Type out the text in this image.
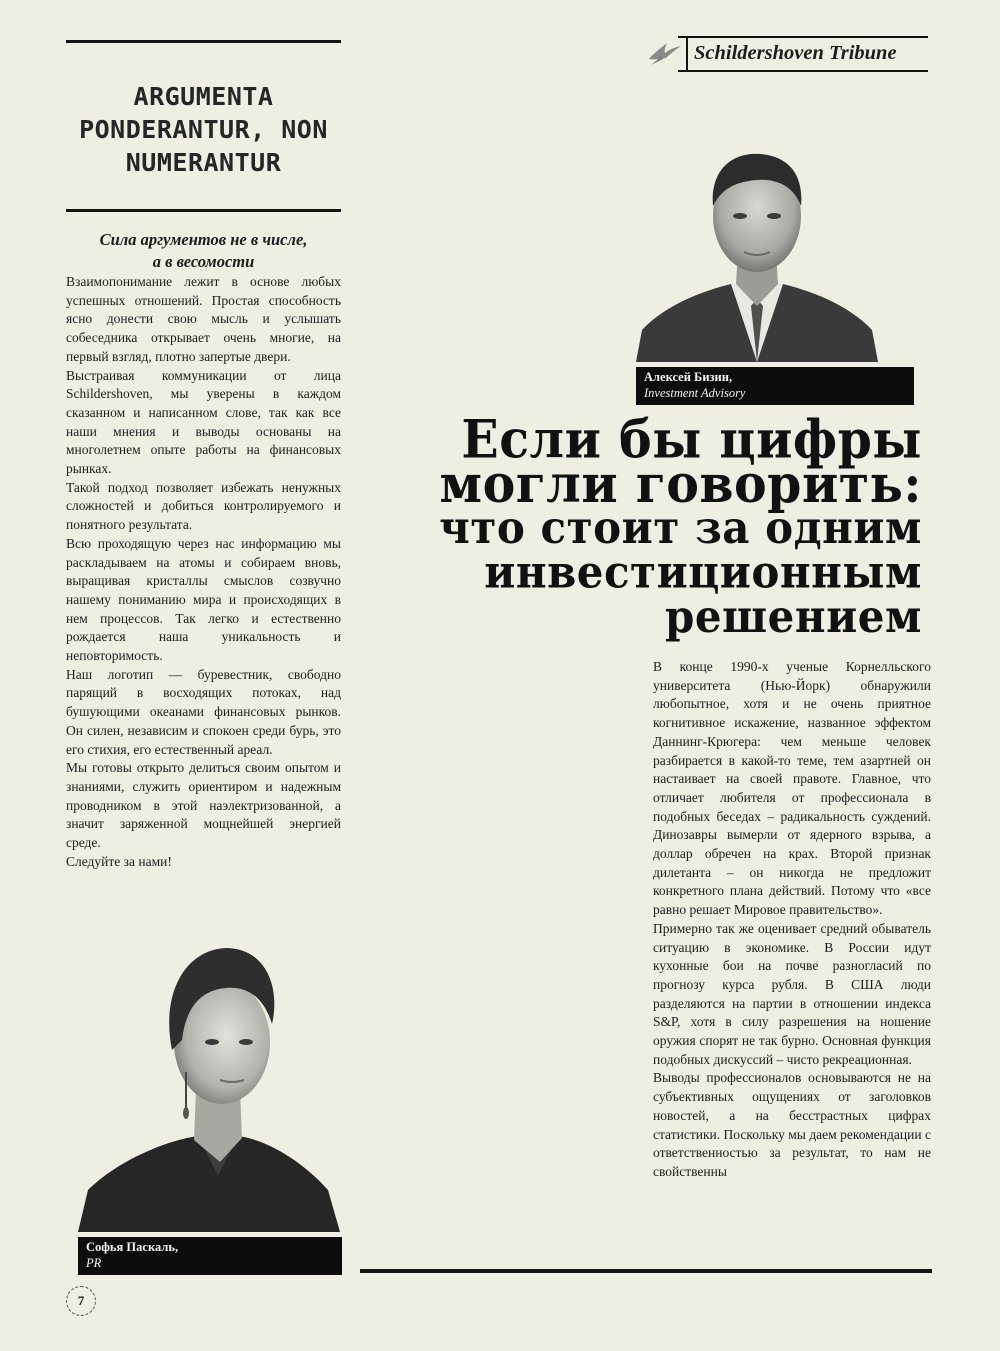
Schildershoven Tribune
ARGUMENTA PONDERANTUR, NON NUMERANTUR
Сила аргументов не в числе,
а в весомости

Взаимопонимание лежит в основе любых успешных отношений. Простая способность ясно донести свою мысль и услышать собеседника открывает очень многие, на первый взгляд, плотно запертые двери.

Выстраивая коммуникации от лица Schildershoven, мы уверены в каждом сказанном и написанном слове, так как все наши мнения и выводы основаны на многолетнем опыте работы на финансовых рынках.

Такой подход позволяет избежать ненужных сложностей и добиться контролируемого и понятного результата.

Всю проходящую через нас информацию мы раскладываем на атомы и собираем вновь, выращивая кристаллы смыслов созвучно нашему пониманию мира и происходящих в нем процессов. Так легко и естественно рождается наша уникальность и неповторимость.

Наш логотип — буревестник, свободно парящий в восходящих потоках, над бушующими океанами финансовых рынков. Он силен, независим и спокоен среди бурь, это его стихия, его естественный ареал.

Мы готовы открыто делиться своим опытом и знаниями, служить ориентиром и надежным проводником в этой наэлектризованной, а значит заряженной мощнейшей энергией среде.

Следуйте за нами!

Алексей Бизин,
Investment Advisory
Софья Паскаль,
PR
Если бы цифры
могли говорить:
что стоит за одним
инвестиционным
решением

В конце 1990-х ученые Корнелльского университета (Нью-Йорк) обнаружили любопытное, хотя и не очень приятное когнитивное искажение, названное эффектом Даннинг-Крюгера: чем меньше человек разбирается в какой-то теме, тем азартней он настаивает на своей правоте. Главное, что отличает любителя от профессионала в подобных беседах – радикальность суждений. Динозавры вымерли от ядерного взрыва, а доллар обречен на крах. Второй признак дилетанта – он никогда не предложит конкретного плана действий. Потому что «все равно решает Мировое правительство».

Примерно так же оценивает средний обыватель ситуацию в экономике. В России идут кухонные бои на почве разногласий по прогнозу курса рубля. В США люди разделяются на партии в отношении индекса S&P, хотя в силу разрешения на ношение оружия спорят не так бурно. Основная функция подобных дискуссий – чисто рекреационная.

Выводы профессионалов основываются не на субъективных ощущениях от заголовков новостей, а на бесстрастных цифрах статистики. Поскольку мы даем рекомендации с ответственностью за результат, то нам не свойственны

7
